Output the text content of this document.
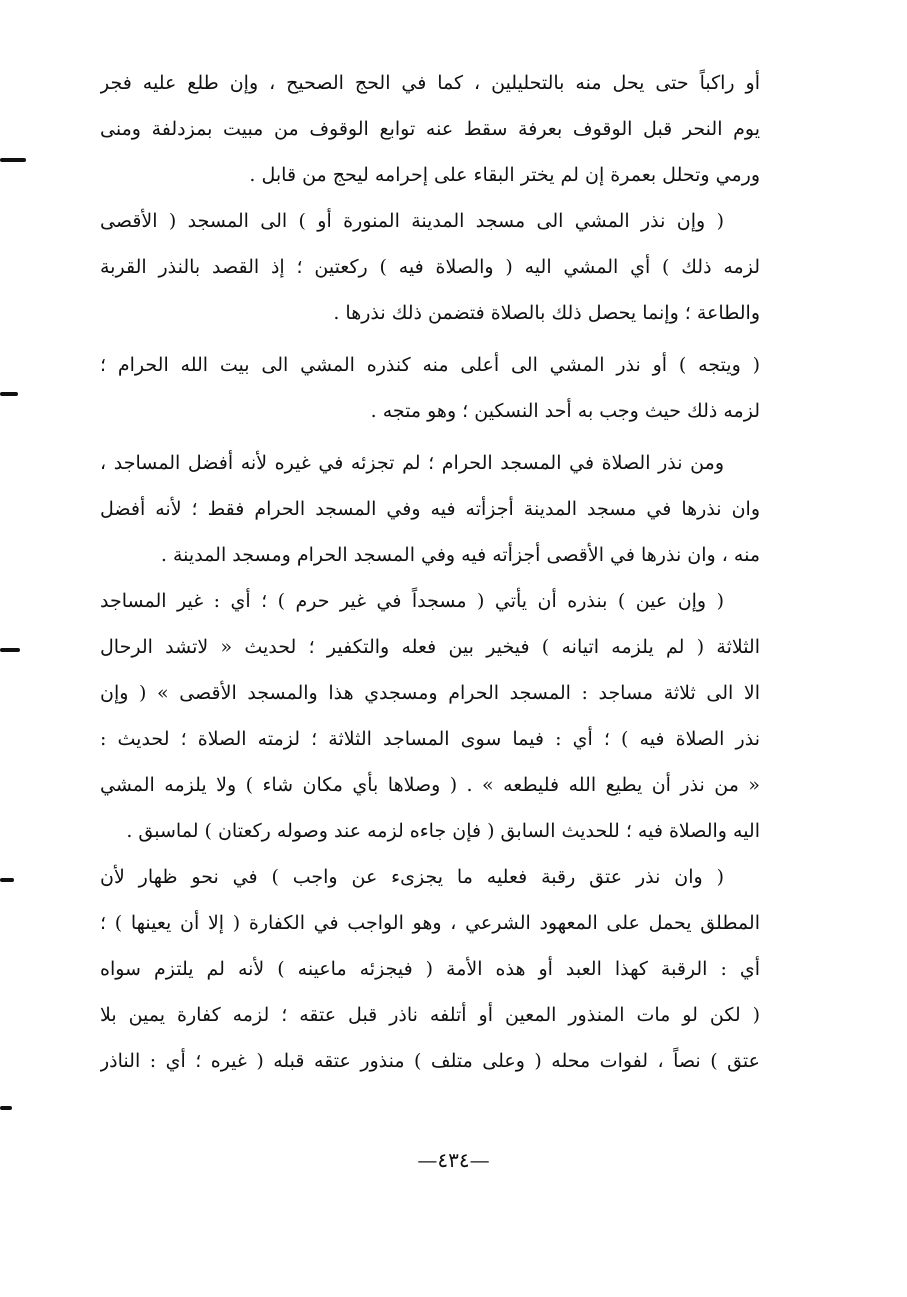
أو راكباً حتى يحل منه بالتحليلين ، كما في الحج الصحيح ، وإن طلع عليه فجر
يوم النحر قبل الوقوف بعرفة سقط عنه توابع الوقوف من مبيت بمزدلفة ومنى
ورمي وتحلل بعمرة إن لم يختر البقاء على إحرامه ليحج من قابل .
( وإن نذر المشي الى مسجد المدينة المنورة أو ) الى المسجد ( الأقصى
لزمه ذلك ) أي المشي اليه ( والصلاة فيه ) ركعتين ؛ إذ القصد بالنذر القربة
والطاعة ؛ وإنما يحصل ذلك بالصلاة فتضمن ذلك نذرها .
( ويتجه ) أو نذر المشي الى أعلى منه كنذره المشي الى بيت الله الحرام ؛
لزمه ذلك حيث وجب به أحد النسكين ؛ وهو متجه .
ومن نذر الصلاة في المسجد الحرام ؛ لم تجزئه في غيره لأنه أفضل المساجد ،
وان نذرها في مسجد المدينة أجزأته فيه وفي المسجد الحرام فقط ؛ لأنه أفضل
منه ، وان نذرها في الأقصى أجزأته فيه وفي المسجد الحرام ومسجد المدينة .
( وإن عين ) بنذره أن يأتي ( مسجداً في غير حرم ) ؛ أي : غير المساجد
الثلاثة ( لم يلزمه اتيانه ) فيخير بين فعله والتكفير ؛ لحديث « لاتشد الرحال
الا الى ثلاثة مساجد : المسجد الحرام ومسجدي هذا والمسجد الأقصى » ( وإن
نذر الصلاة فيه ) ؛ أي : فيما سوى المساجد الثلاثة ؛ لزمته الصلاة ؛ لحديث :
« من نذر أن يطيع الله فليطعه » . ( وصلاها بأي مكان شاء ) ولا يلزمه المشي
اليه والصلاة فيه ؛ للحديث السابق ( فإن جاءه لزمه عند وصوله ركعتان ) لماسبق .
( وان نذر عتق رقبة فعليه ما يجزىء عن واجب ) في نحو ظهار لأن
المطلق يحمل على المعهود الشرعي ، وهو الواجب في الكفارة ( إلا أن يعينها ) ؛
أي : الرقبة كهذا العبد أو هذه الأمة ( فيجزئه ماعينه ) لأنه لم يلتزم سواه
( لكن لو مات المنذور المعين أو أتلفه ناذر قبل عتقه ؛ لزمه كفارة يمين بلا
عتق ) نصاً ، لفوات محله ( وعلى متلف ) منذور عتقه قبله ( غيره ؛ أي : الناذر
—٤٣٤—
